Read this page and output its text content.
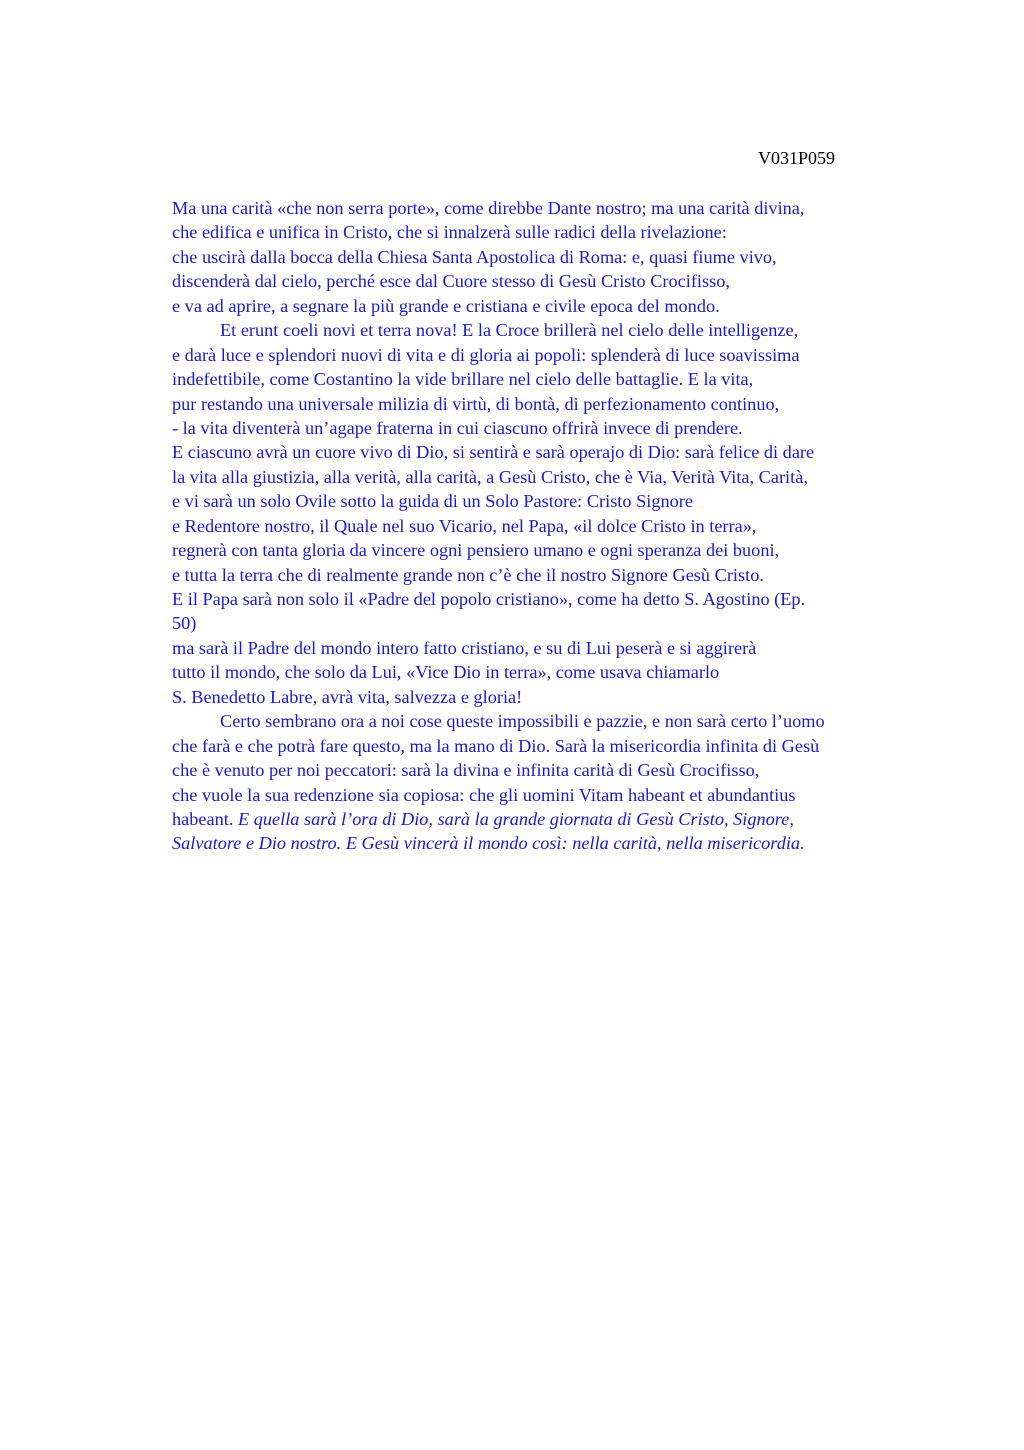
V031P059
Ma una carità «che non serra porte», come direbbe Dante nostro; ma una carità divina,
che edifica e unifica in Cristo, che si innalzerà sulle radici della rivelazione:
che uscirà dalla bocca della Chiesa Santa Apostolica di Roma: e, quasi fiume vivo,
discenderà dal cielo, perché esce dal Cuore stesso di Gesù Cristo Crocifisso,
e va ad aprire, a segnare la più grande e cristiana e civile epoca del mondo.
Et erunt coeli novi et terra nova! E la Croce brillerà nel cielo delle intelligenze,
e darà luce e splendori nuovi di vita e di gloria ai popoli: splenderà di luce soavissima
indefettibile, come Costantino la vide brillare nel cielo delle battaglie. E la vita,
pur restando una universale milizia di virtù, di bontà, di perfezionamento continuo,
- la vita diventerà un’agape fraterna in cui ciascuno offrirà invece di prendere.
E ciascuno avrà un cuore vivo di Dio, si sentirà e sarà operajo di Dio: sarà felice di dare
la vita alla giustizia, alla verità, alla carità, a Gesù Cristo, che è Via, Verità Vita, Carità,
e vi sarà un solo Ovile sotto la guida di un Solo Pastore: Cristo Signore
e Redentore nostro, il Quale nel suo Vicario, nel Papa, «il dolce Cristo in terra»,
regnerà con tanta gloria da vincere ogni pensiero umano e ogni speranza dei buoni,
e tutta la terra che di realmente grande non c’è che il nostro Signore Gesù Cristo.
E il Papa sarà non solo il «Padre del popolo cristiano», come ha detto S. Agostino (Ep.
50)
ma sarà il Padre del mondo intero fatto cristiano, e su di Lui peserà e si aggirerà
tutto il mondo, che solo da Lui, «Vice Dio in terra», come usava chiamarlo
S. Benedetto Labre, avrà vita, salvezza e gloria!
Certo sembrano ora a noi cose queste impossibili e pazzie, e non sarà certo l’uomo
che farà e che potrà fare questo, ma la mano di Dio. Sarà la misericordia infinita di Gesù
che è venuto per noi peccatori: sarà la divina e infinita carità di Gesù Crocifisso,
che vuole la sua redenzione sia copiosa: che gli uomini Vitam habeant et abundantius
habeant. E quella sarà l’ora di Dio, sarà la grande giornata di Gesù Cristo, Signore,
Salvatore e Dio nostro. E Gesù vincerà il mondo così: nella carità, nella misericordia.
